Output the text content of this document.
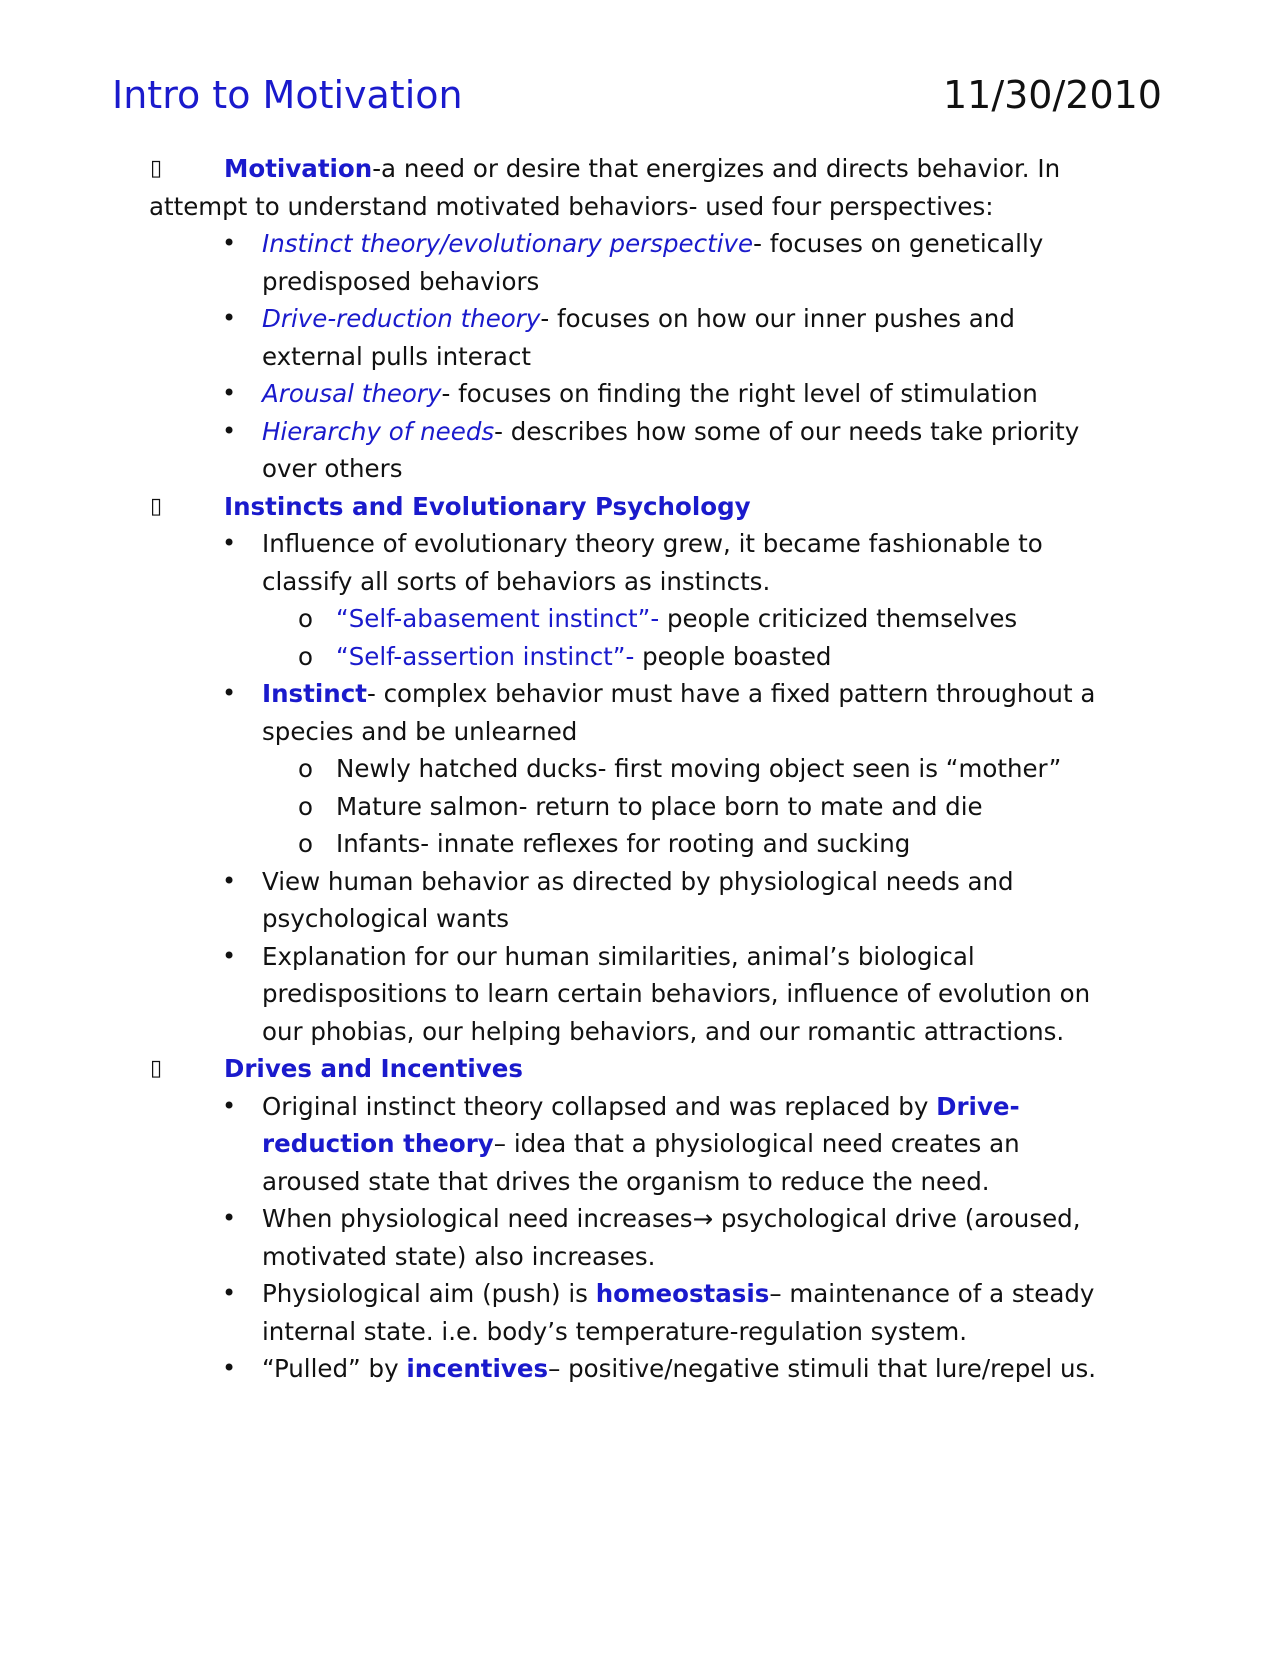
Intro to Motivation	11/30/2010
▯	Motivation-a need or desire that energizes and directs behavior. In
attempt to understand motivated behaviors- used four perspectives:
• Instinct theory/evolutionary perspective- focuses on genetically
predisposed behaviors
• Drive-reduction theory- focuses on how our inner pushes and
external pulls interact
• Arousal theory- focuses on finding the right level of stimulation
• Hierarchy of needs- describes how some of our needs take priority
over others
▯	Instincts and Evolutionary Psychology
• Influence of evolutionary theory grew, it became fashionable to
classify all sorts of behaviors as instincts.
o “Self-abasement instinct”- people criticized themselves
o “Self-assertion instinct”- people boasted
• Instinct- complex behavior must have a fixed pattern throughout a
species and be unlearned
o Newly hatched ducks- first moving object seen is “mother”
o Mature salmon- return to place born to mate and die
o Infants- innate reflexes for rooting and sucking
• View human behavior as directed by physiological needs and
psychological wants
• Explanation for our human similarities, animal’s biological
predispositions to learn certain behaviors, influence of evolution on
our phobias, our helping behaviors, and our romantic attractions.
▯	Drives and Incentives
• Original instinct theory collapsed and was replaced by Drive-
reduction theory– idea that a physiological need creates an
aroused state that drives the organism to reduce the need.
• When physiological need increases→ psychological drive (aroused,
motivated state) also increases.
• Physiological aim (push) is homeostasis– maintenance of a steady
internal state. i.e. body’s temperature-regulation system.
• “Pulled” by incentives– positive/negative stimuli that lure/repel us.
